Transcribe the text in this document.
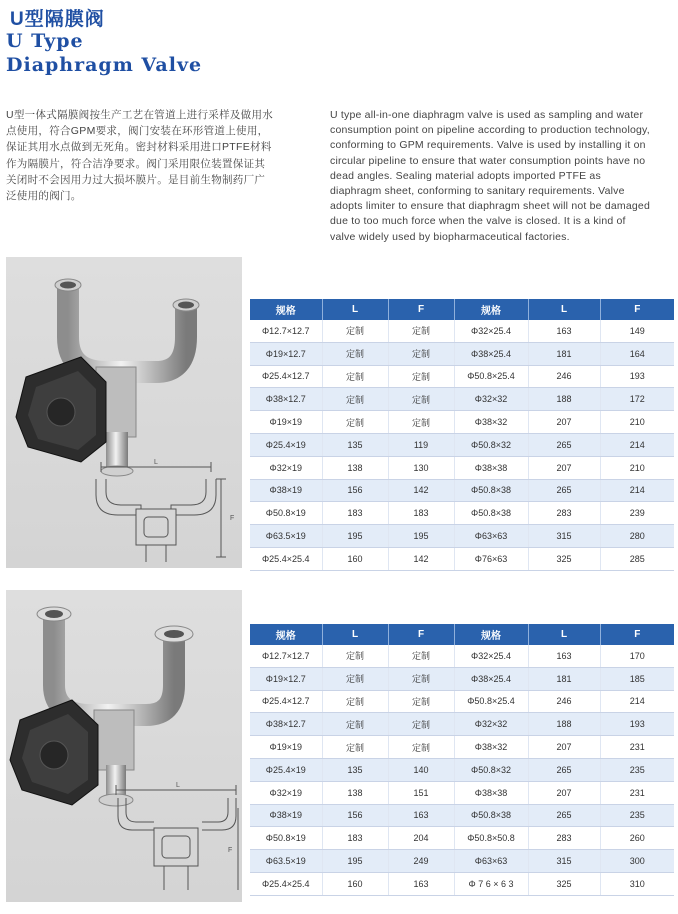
U型隔膜阀
U Type
Diaphragm Valve
U型一体式隔膜阀按生产工艺在管道上进行采样及做用水点使用，符合GPM要求，阀门安装在环形管道上使用，保证其用水点做到无死角。密封材料采用进口PTFE材料作为隔膜片，符合洁净要求。阀门采用限位装置保证其关闭时不会因用力过大损坏膜片。是目前生物制药厂广泛使用的阀门。
U type all-in-one diaphragm valve is used as sampling and water consumption point on pipeline according to production technology, conforming to GPM requirements. Valve is used by installing it on circular pipeline to ensure that water consumption points have no dead angles. Sealing material adopts imported PTFE as diaphragm sheet, conforming to sanitary requirements. Valve adopts limiter to ensure that diaphragm sheet will not be damaged due to too much force when the valve is closed. It is a kind of valve widely used by biopharmaceutical factories.
L
F
规格	L	F	规格	L	F
Φ12.7×12.7	定制	定制	Φ32×25.4	163	149
Φ19×12.7	定制	定制	Φ38×25.4	181	164
Φ25.4×12.7	定制	定制	Φ50.8×25.4	246	193
Φ38×12.7	定制	定制	Φ32×32	188	172
Φ19×19	定制	定制	Φ38×32	207	210
Φ25.4×19	135	119	Φ50.8×32	265	214
Φ32×19	138	130	Φ38×38	207	210
Φ38×19	156	142	Φ50.8×38	265	214
Φ50.8×19	183	183	Φ50.8×38	283	239
Φ63.5×19	195	195	Φ63×63	315	280
Φ25.4×25.4	160	142	Φ76×63	325	285
L
F
规格	L	F	规格	L	F
Φ12.7×12.7	定制	定制	Φ32×25.4	163	170
Φ19×12.7	定制	定制	Φ38×25.4	181	185
Φ25.4×12.7	定制	定制	Φ50.8×25.4	246	214
Φ38×12.7	定制	定制	Φ32×32	188	193
Φ19×19	定制	定制	Φ38×32	207	231
Φ25.4×19	135	140	Φ50.8×32	265	235
Φ32×19	138	151	Φ38×38	207	231
Φ38×19	156	163	Φ50.8×38	265	235
Φ50.8×19	183	204	Φ50.8×50.8	283	260
Φ63.5×19	195	249	Φ63×63	315	300
Φ25.4×25.4	160	163	Φ 7 6 × 6 3	325	310
